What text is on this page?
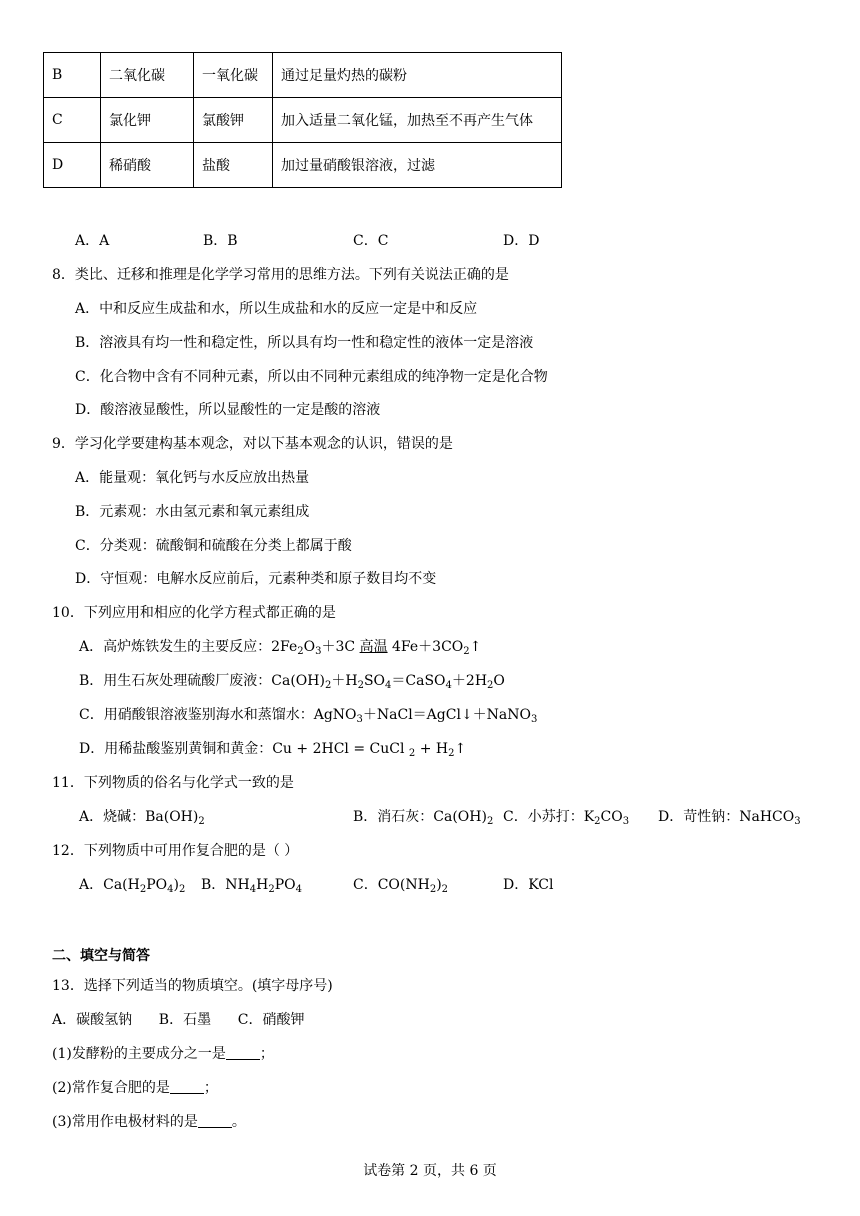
B	二氧化碳	一氧化碳	通过足量灼热的碳粉
C	氯化钾	氯酸钾	加入适量二氧化锰，加热至不再产生气体
D	稀硝酸	盐酸	加过量硝酸银溶液，过滤
A．A	B．B	C．C	D．D
8．类比、迁移和推理是化学学习常用的思维方法。下列有关说法正确的是
A．中和反应生成盐和水，所以生成盐和水的反应一定是中和反应
B．溶液具有均一性和稳定性，所以具有均一性和稳定性的液体一定是溶液
C．化合物中含有不同种元素，所以由不同种元素组成的纯净物一定是化合物
D．酸溶液显酸性，所以显酸性的一定是酸的溶液
9．学习化学要建构基本观念，对以下基本观念的认识，错误的是
A．能量观：氧化钙与水反应放出热量
B．元素观：水由氢元素和氧元素组成
C．分类观：硫酸铜和硫酸在分类上都属于酸
D．守恒观：电解水反应前后，元素种类和原子数目均不变
10．下列应用和相应的化学方程式都正确的是
A．高炉炼铁发生的主要反应：$2Fe_2O_3+3C$ 高温 $4Fe+3CO_2↑$
B．用生石灰处理硫酸厂废液：$Ca(OH)_2+H_2SO_4=CaSO_4+2H_2O$
C．用硝酸银溶液鉴别海水和蒸馏水：AgNO$_3$＋NaCl＝AgCl↓＋NaNO$_3$
D．用稀盐酸鉴别黄铜和黄金：Cu + 2HCl = CuCl $_2 + H_2↑$
11．下列物质的俗名与化学式一致的是
A．烧碱：$Ba(OH)_2$	B．消石灰：$Ca(OH)_2$ C．小苏打：$K_2CO_3$ D．苛性钠：NaHCO$_3$
12．下列物质中可用作复合肥的是（ ）
A．$Ca(H_2PO_4)_2$ B．$NH_4H_2PO_4$	C．$CO(NH_2)_2$	D．KCl
二、填空与简答
13．选择下列适当的物质填空。(填字母序号)
A．碳酸氢钠      B．石墨      C．硝酸钾
(1)发酵粉的主要成分之一是 ；
(2)常作复合肥的是 ；
(3)常用作电极材料的是 。
试卷第 2 页，共 6 页
